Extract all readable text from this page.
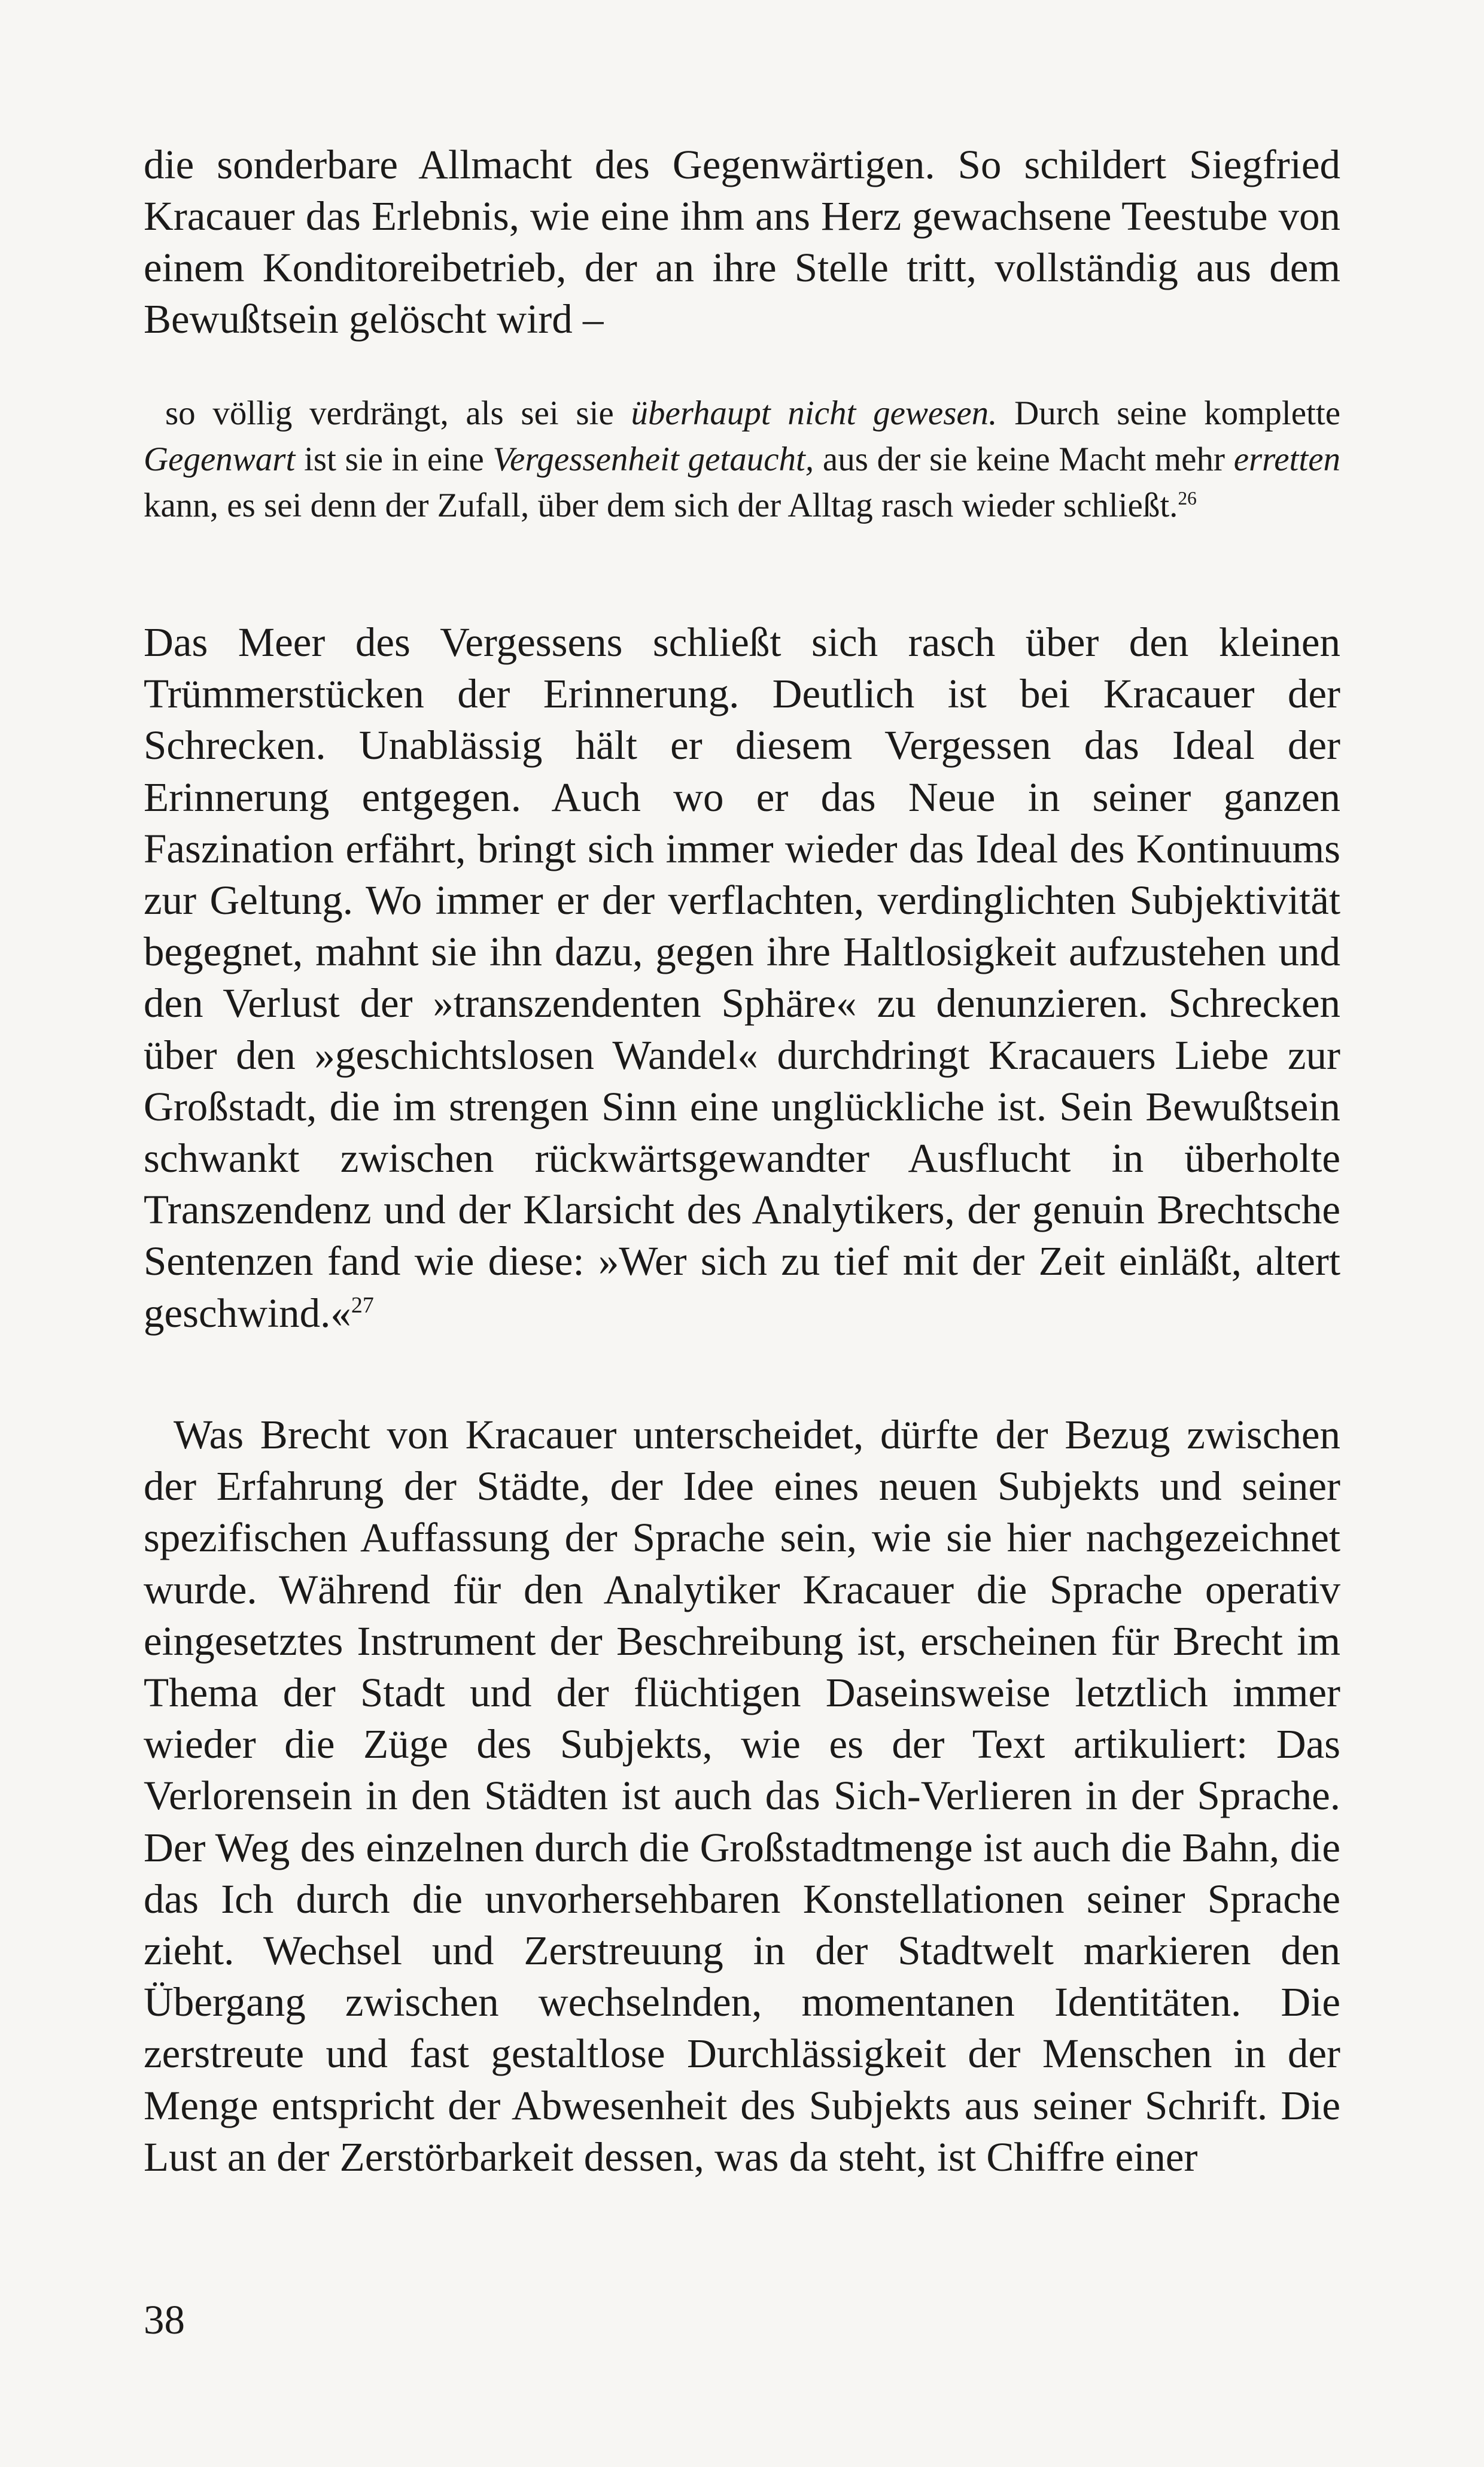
die sonderbare Allmacht des Gegenwärtigen. So schildert Siegfried Kracauer das Erlebnis, wie eine ihm ans Herz gewachsene Teestube von einem Konditoreibetrieb, der an ihre Stelle tritt, vollständig aus dem Bewußtsein gelöscht wird –

so völlig verdrängt, als sei sie überhaupt nicht gewesen. Durch seine komplette Gegenwart ist sie in eine Vergessenheit getaucht, aus der sie keine Macht mehr erretten kann, es sei denn der Zufall, über dem sich der Alltag rasch wieder schließt.$^{26}$

Das Meer des Vergessens schließt sich rasch über den kleinen Trümmerstücken der Erinnerung. Deutlich ist bei Kracauer der Schrecken. Unablässig hält er diesem Vergessen das Ideal der Erinnerung entgegen. Auch wo er das Neue in seiner ganzen Faszination erfährt, bringt sich immer wieder das Ideal des Kontinuums zur Geltung. Wo immer er der verflachten, verdinglichten Subjektivität begegnet, mahnt sie ihn dazu, gegen ihre Haltlosigkeit aufzustehen und den Verlust der »transzendenten Sphäre« zu denunzieren. Schrecken über den »geschichtslosen Wandel« durchdringt Kracauers Liebe zur Großstadt, die im strengen Sinn eine unglückliche ist. Sein Bewußtsein schwankt zwischen rückwärtsgewandter Ausflucht in überholte Transzendenz und der Klarsicht des Analytikers, der genuin Brechtsche Sentenzen fand wie diese: »Wer sich zu tief mit der Zeit einläßt, altert geschwind.«$^{27}$

Was Brecht von Kracauer unterscheidet, dürfte der Bezug zwischen der Erfahrung der Städte, der Idee eines neuen Subjekts und seiner spezifischen Auffassung der Sprache sein, wie sie hier nachgezeichnet wurde. Während für den Analytiker Kracauer die Sprache operativ eingesetztes Instrument der Beschreibung ist, erscheinen für Brecht im Thema der Stadt und der flüchtigen Daseinsweise letztlich immer wieder die Züge des Subjekts, wie es der Text artikuliert: Das Verlorensein in den Städten ist auch das Sich-Verlieren in der Sprache. Der Weg des einzelnen durch die Großstadtmenge ist auch die Bahn, die das Ich durch die unvorhersehbaren Konstellationen seiner Sprache zieht. Wechsel und Zerstreuung in der Stadtwelt markieren den Übergang zwischen wechselnden, momentanen Identitäten. Die zerstreute und fast gestaltlose Durchlässigkeit der Menschen in der Menge entspricht der Abwesenheit des Subjekts aus seiner Schrift. Die Lust an der Zerstörbarkeit dessen, was da steht, ist Chiffre einer

38
